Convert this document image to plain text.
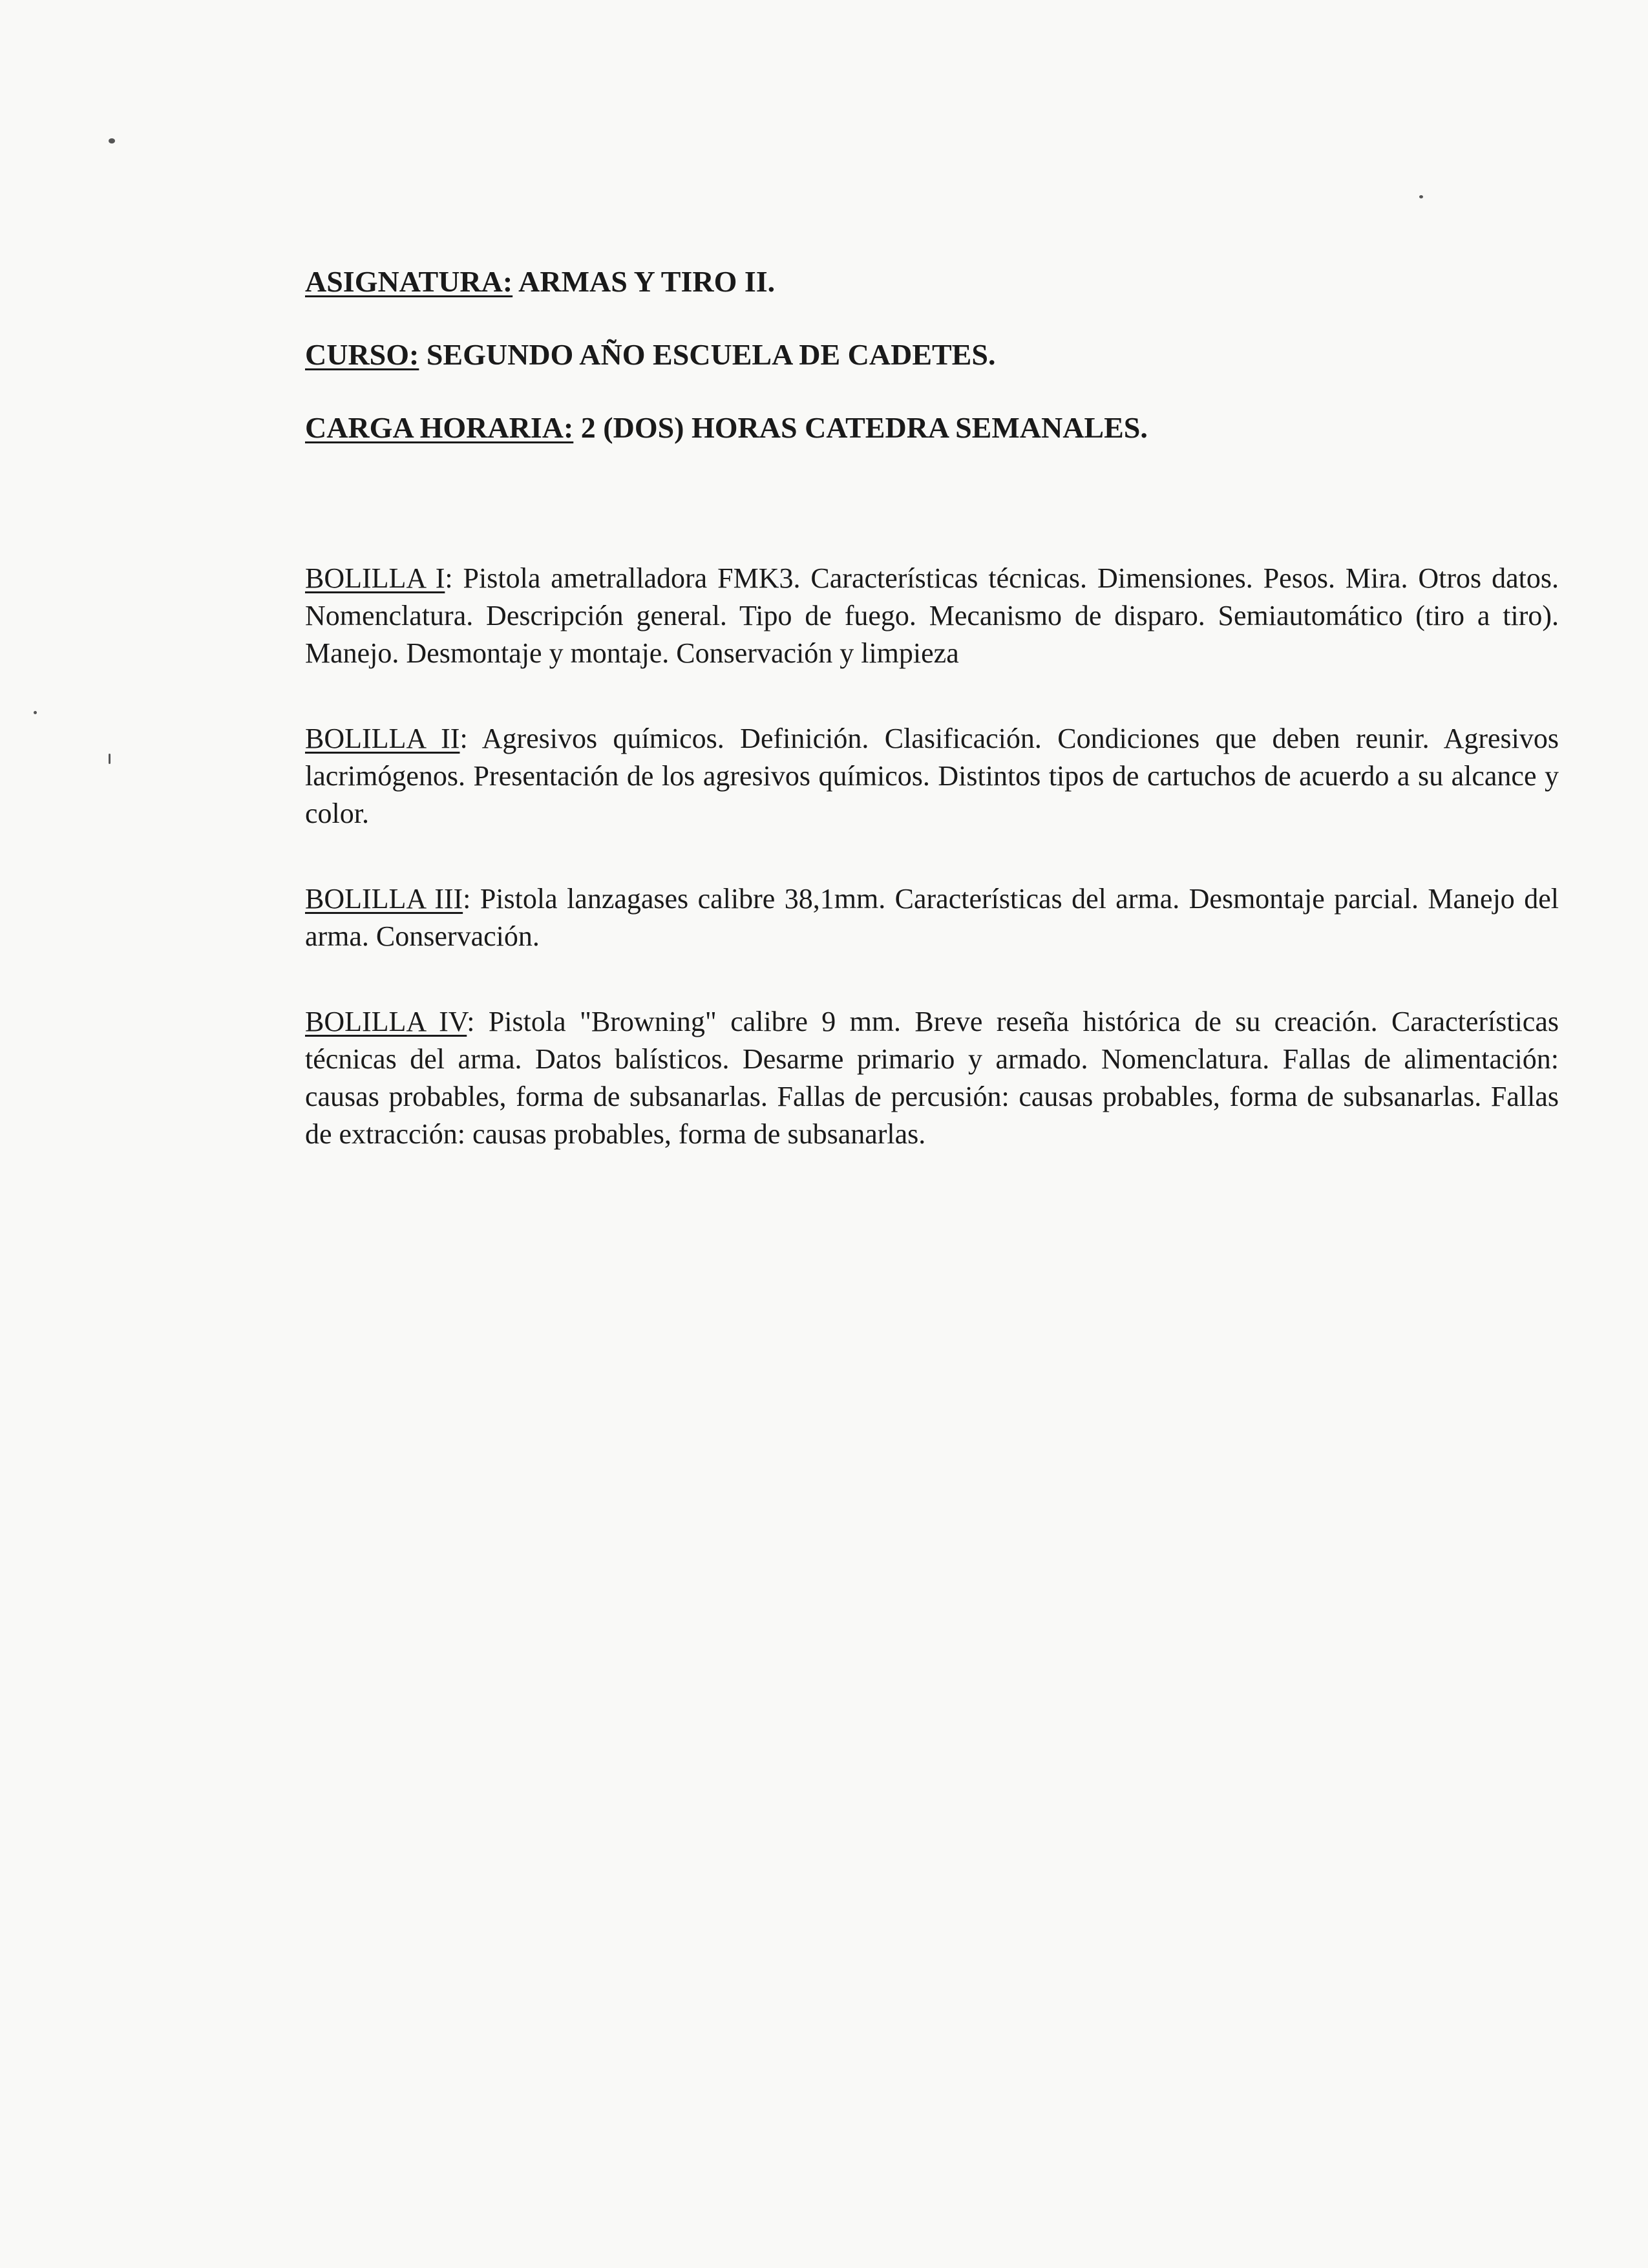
ASIGNATURA: ARMAS Y TIRO II.
CURSO: SEGUNDO AÑO ESCUELA DE CADETES.
CARGA HORARIA: 2 (DOS) HORAS CATEDRA SEMANALES.

BOLILLA I: Pistola ametralladora FMK3. Características técnicas. Dimensiones. Pesos. Mira. Otros datos. Nomenclatura. Descripción general. Tipo de fuego. Mecanismo de disparo. Semiautomático (tiro a tiro). Manejo. Desmontaje y montaje. Conservación y limpieza

BOLILLA II: Agresivos químicos. Definición. Clasificación. Condiciones que deben reunir. Agresivos lacrimógenos. Presentación de los agresivos químicos. Distintos tipos de cartuchos de acuerdo a su alcance y color.

BOLILLA III: Pistola lanzagases calibre 38,1mm. Características del arma. Desmontaje parcial. Manejo del arma. Conservación.

BOLILLA IV: Pistola "Browning" calibre 9 mm. Breve reseña histórica de su creación. Características técnicas del arma. Datos balísticos. Desarme primario y armado. Nomenclatura. Fallas de alimentación: causas probables, forma de subsanarlas. Fallas de percusión: causas probables, forma de subsanarlas. Fallas de extracción: causas probables, forma de subsanarlas.
